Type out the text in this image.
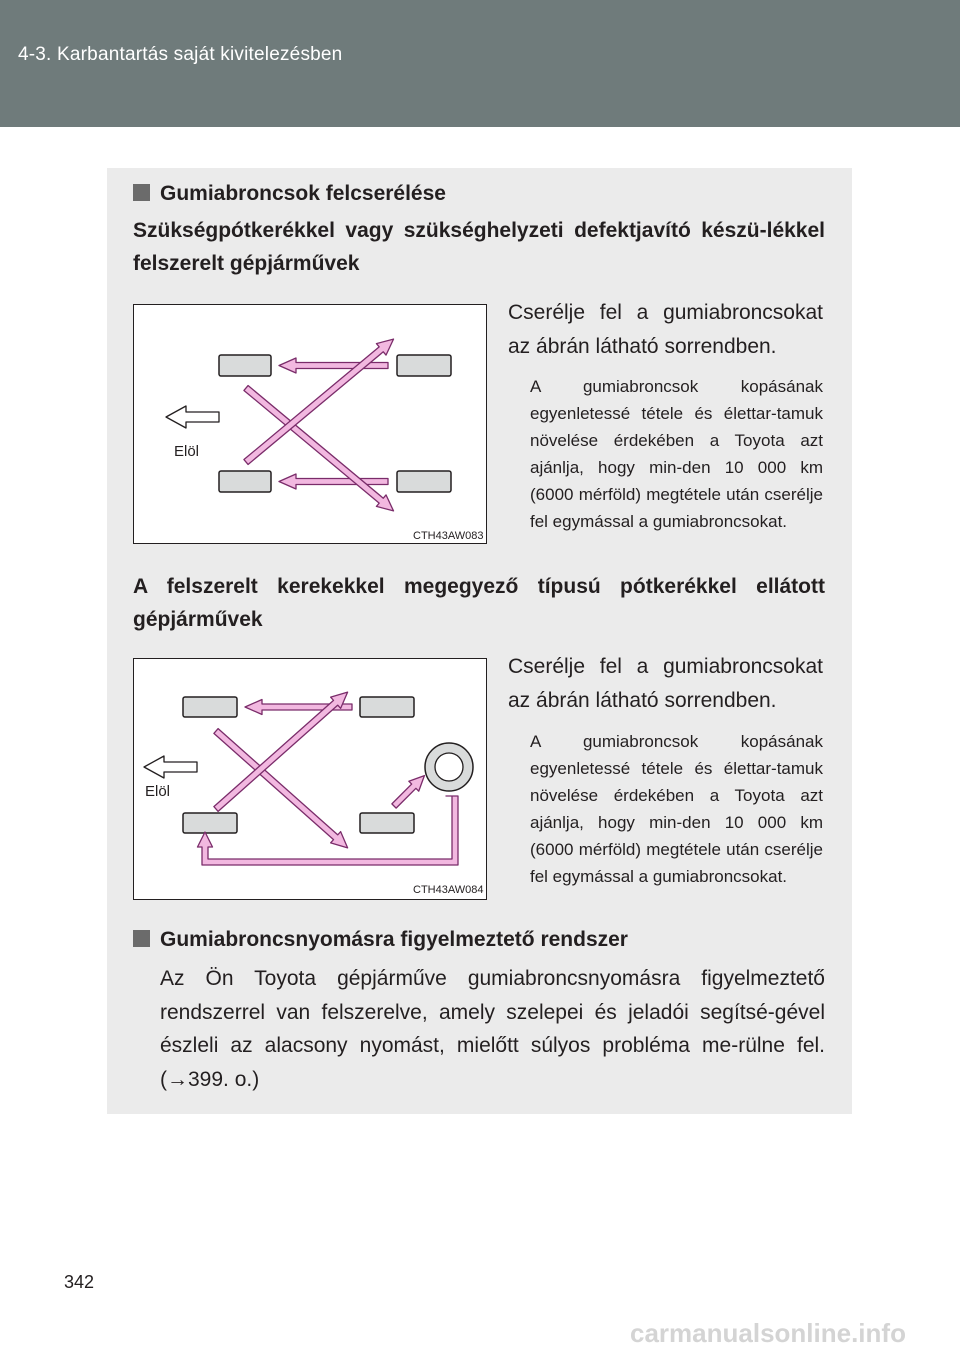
4-3. Karbantartás saját kivitelezésben
Gumiabroncsok felcserélése
Szükségpótkerékkel vagy szükséghelyzeti defektjavító készü-lékkel felszerelt gépjárművek
Elöl
CTH43AW083
Cserélje fel a gumiabroncsokat az ábrán látható sorrendben.
A gumiabroncsok kopásának egyenletessé tétele és élettar-tamuk növelése érdekében a Toyota azt ajánlja, hogy min-den 10 000 km (6000 mérföld) megtétele után cserélje fel egymással a gumiabroncsokat.
A felszerelt kerekekkel megegyező típusú pótkerékkel ellátott gépjárművek
Elöl
CTH43AW084
Cserélje fel a gumiabroncsokat az ábrán látható sorrendben.
A gumiabroncsok kopásának egyenletessé tétele és élettar-tamuk növelése érdekében a Toyota azt ajánlja, hogy min-den 10 000 km (6000 mérföld) megtétele után cserélje fel egymással a gumiabroncsokat.
Gumiabroncsnyomásra figyelmeztető rendszer
Az Ön Toyota gépjárműve gumiabroncsnyomásra figyelmeztető rendszerrel van felszerelve, amely szelepei és jeladói segítsé-gével észleli az alacsony nyomást, mielőtt súlyos probléma me-rülne fel. (→399. o.)
342
carmanualsonline.info
